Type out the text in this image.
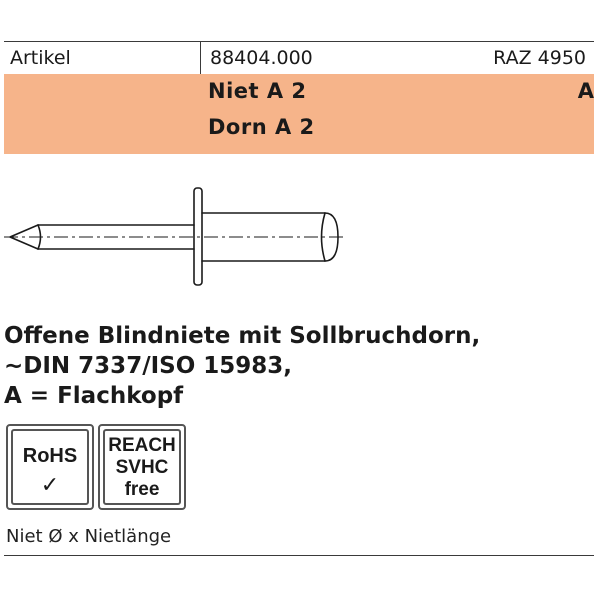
Artikel	88404.000	RAZ 4950
Niet A 2
Dorn A 2
A
Offene Blindniete mit Sollbruchdorn,
~DIN 7337/ISO 15983,
A = Flachkopf
RoHS
✓
REACH
SVHC
free
Niet Ø x Nietlänge
